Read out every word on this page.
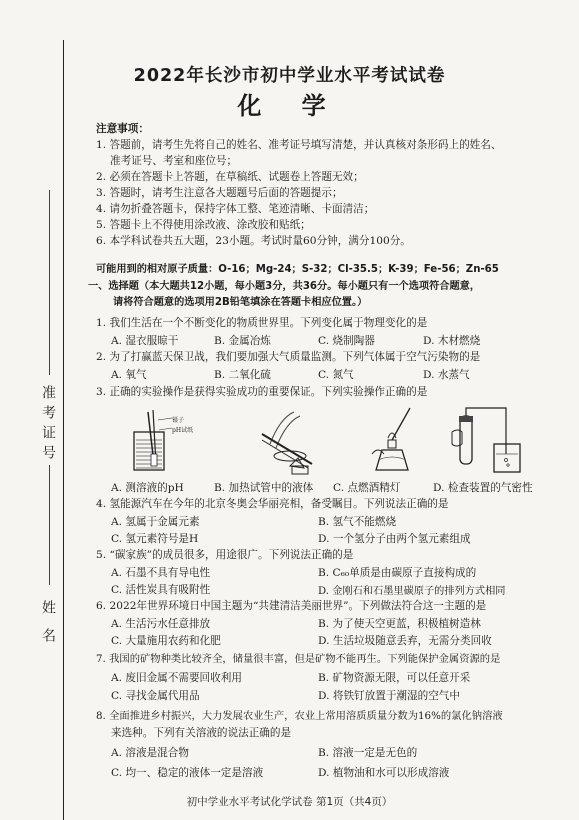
准考证号
姓名
2022年长沙市初中学业水平考试试卷
化 学
注意事项：
1. 答题前，请考生先将自己的姓名、准考证号填写清楚，并认真核对条形码上的姓名、
准考证号、考室和座位号；
2. 必须在答题卡上答题，在草稿纸、试题卷上答题无效；
3. 答题时，请考生注意各大题题号后面的答题提示；
4. 请勿折叠答题卡，保持字体工整、笔迹清晰、卡面清洁；
5. 答题卡上不得使用涂改液、涂改胶和贴纸；
6. 本学科试卷共五大题，23小题。考试时量60分钟，满分100分。
可能用到的相对原子质量：O-16；Mg-24；S-32；Cl-35.5；K-39；Fe-56；Zn-65
一、选择题（本大题共12小题，每小题3分，共36分。每小题只有一个选项符合题意，
请将符合题意的选项用2B铅笔填涂在答题卡相应位置。）
1. 我们生活在一个不断变化的物质世界里。下列变化属于物理变化的是
A. 湿衣服晾干	B. 金属冶炼	C. 烧制陶器	D. 木材燃烧
2. 为了打赢蓝天保卫战，我们要加强大气质量监测。下列气体属于空气污染物的是
A. 氧气	B. 二氧化硫	C. 氮气	D. 水蒸气
3. 正确的实验操作是获得实验成功的重要保证。下列实验操作正确的是
镊子
pH试纸
A. 测溶液的pH	B. 加热试管中的液体 C. 点燃酒精灯	D. 检查装置的气密性
4. 氢能源汽车在今年的北京冬奥会华丽亮相，备受瞩目。下列说法正确的是
A. 氢属于金属元素	B. 氢气不能燃烧
C. 氢元素符号是H	D. 一个氢分子由两个氢元素组成
5. “碳家族”的成员很多，用途很广。下列说法正确的是
A. 石墨不具有导电性	B. C₆₀单质是由碳原子直接构成的
C. 活性炭具有吸附性	D. 金刚石和石墨里碳原子的排列方式相同
6. 2022年世界环境日中国主题为“共建清洁美丽世界”。下列做法符合这一主题的是
A. 生活污水任意排放	B. 为了使天空更蓝，积极植树造林
C. 大量施用农药和化肥	D. 生活垃圾随意丢弃，无需分类回收
7. 我国的矿物种类比较齐全，储量很丰富，但是矿物不能再生。下列能保护金属资源的是
A. 废旧金属不需要回收利用	B. 矿物资源无限，可以任意开采
C. 寻找金属代用品	D. 将铁钉放置于潮湿的空气中
8. 全面推进乡村振兴，大力发展农业生产，农业上常用溶质质量分数为16%的氯化钠溶液
来选种。下列有关溶液的说法正确的是
A. 溶液是混合物	B. 溶液一定是无色的
C. 均一、稳定的液体一定是溶液	D. 植物油和水可以形成溶液
初中学业水平考试化学试卷 第1页（共4页）
